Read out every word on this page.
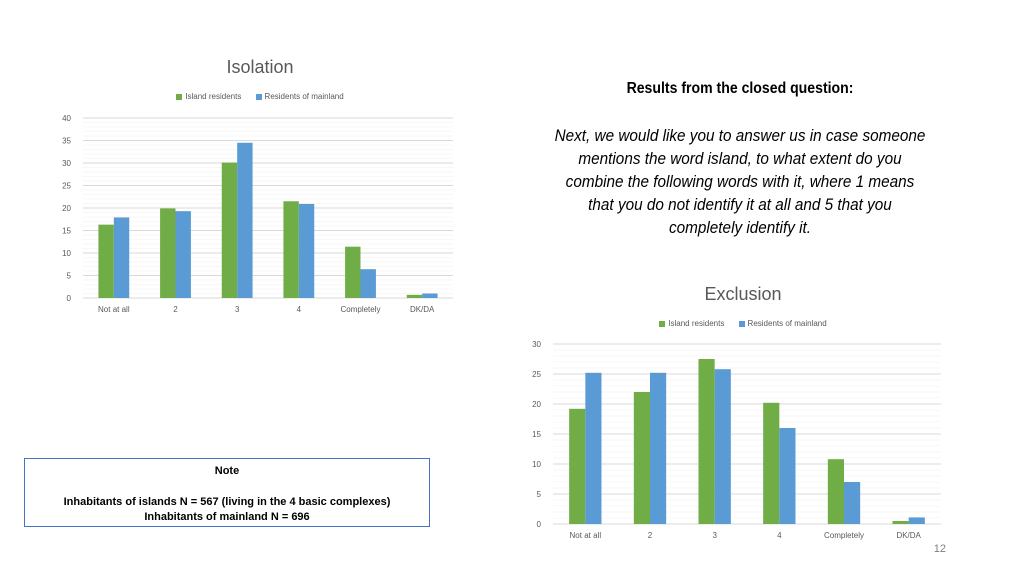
Isolation

Island residents	Residents of mainland
0
5
10
15
20
25
30
35
40
Not at all	2	3	4	Completely	DK/DA

Results from the closed question:

Next, we would like you to answer us in case someone mentions the word island, to what extent do you combine the following words with it, where 1 means that you do not identify it at all and 5 that you completely identify it.

Exclusion

Island residents	Residents of mainland
0
5
10
15
20
25
30
Not at all	2	3	4	Completely	DK/DA
Note
Inhabitants of islands N = 567 (living in the 4 basic complexes)
Inhabitants of mainland N = 696
12
